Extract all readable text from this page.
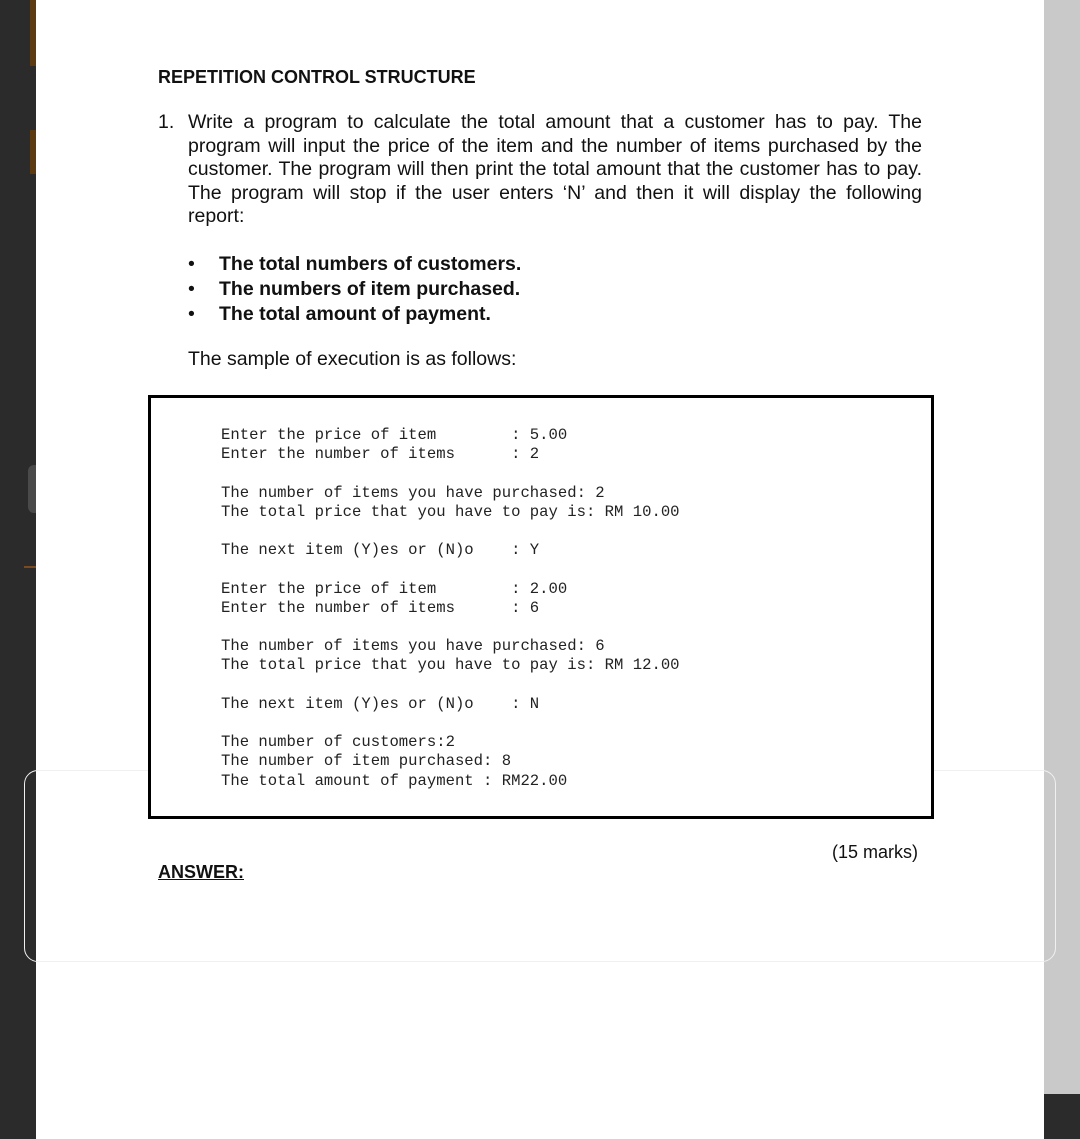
REPETITION CONTROL STRUCTURE
1. Write a program to calculate the total amount that a customer has to pay. The program will input the price of the item and the number of items purchased by the customer. The program will then print the total amount that the customer has to pay. The program will stop if the user enters ‘N’ and then it will display the following report:
• The total numbers of customers.
• The numbers of item purchased.
• The total amount of payment.
The sample of execution is as follows:
Enter the price of item        : 5.00
Enter the number of items      : 2

The number of items you have purchased: 2
The total price that you have to pay is: RM 10.00

The next item (Y)es or (N)o    : Y

Enter the price of item        : 2.00
Enter the number of items      : 6

The number of items you have purchased: 6
The total price that you have to pay is: RM 12.00

The next item (Y)es or (N)o    : N

The number of customers:2
The number of item purchased: 8
The total amount of payment : RM22.00
(15 marks)
ANSWER:
